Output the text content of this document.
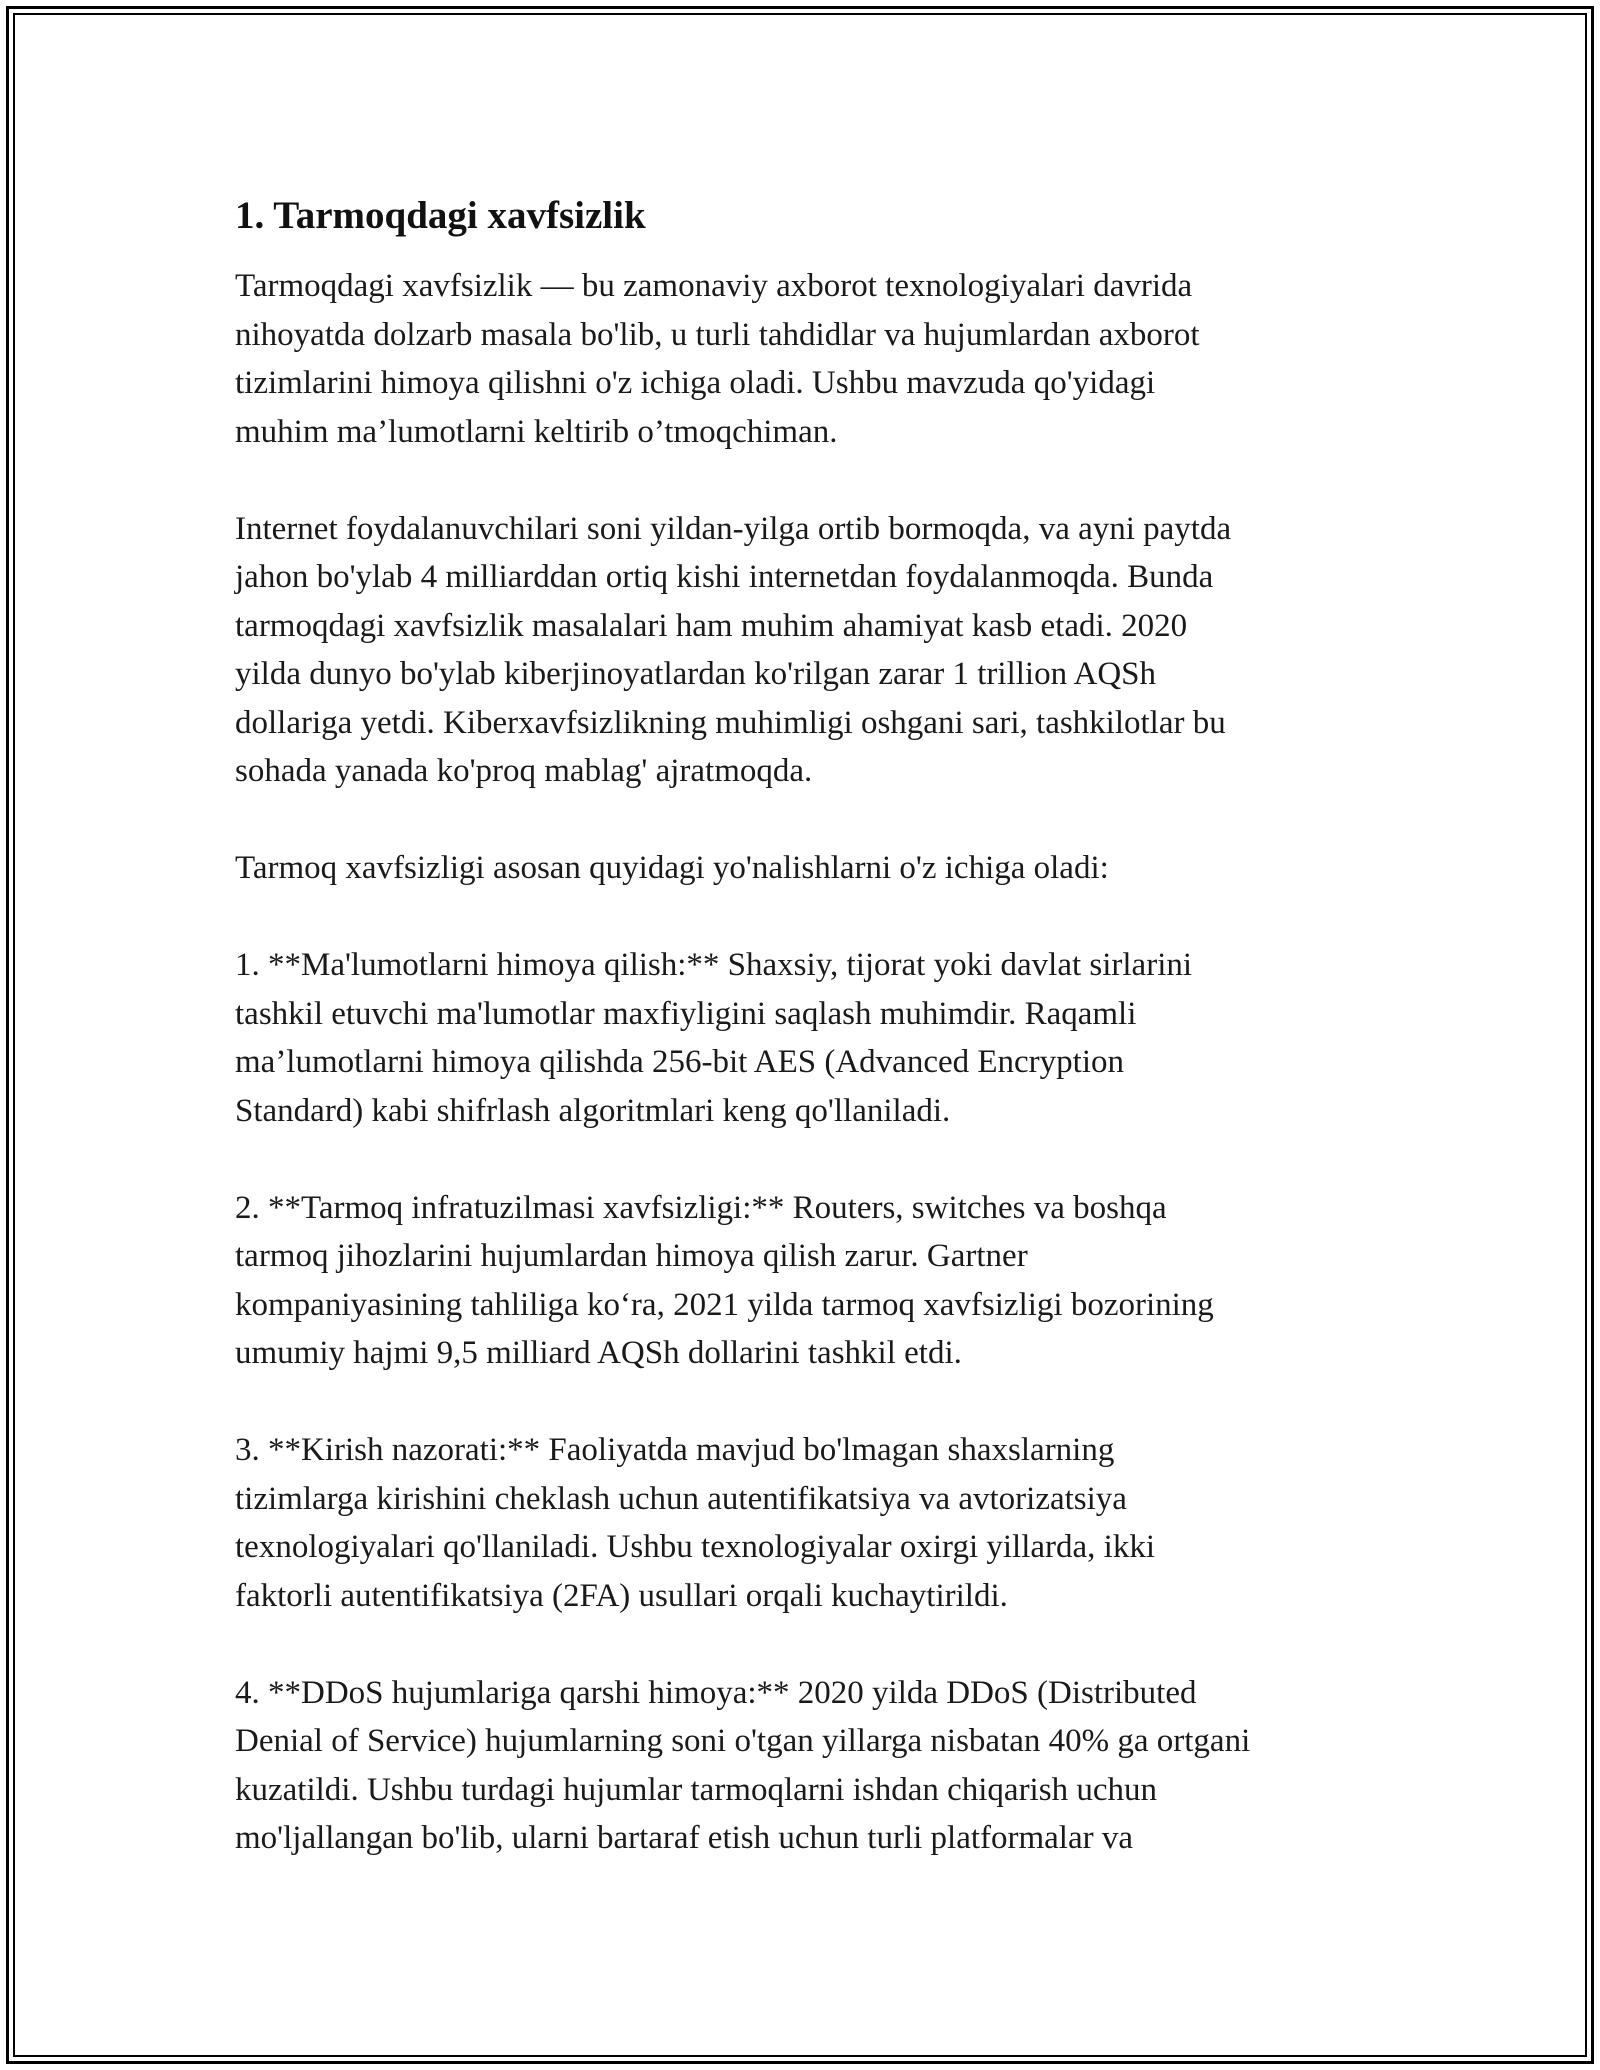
1. Tarmoqdagi xavfsizlik

Tarmoqdagi xavfsizlik — bu zamonaviy axborot texnologiyalari davrida
nihoyatda dolzarb masala bo'lib, u turli tahdidlar va hujumlardan axborot
tizimlarini himoya qilishni o'z ichiga oladi. Ushbu mavzuda qo'yidagi
muhim ma’lumotlarni keltirib o’tmoqchiman.

Internet foydalanuvchilari soni yildan-yilga ortib bormoqda, va ayni paytda
jahon bo'ylab 4 milliarddan ortiq kishi internetdan foydalanmoqda. Bunda
tarmoqdagi xavfsizlik masalalari ham muhim ahamiyat kasb etadi. 2020
yilda dunyo bo'ylab kiberjinoyatlardan ko'rilgan zarar 1 trillion AQSh
dollariga yetdi. Kiberxavfsizlikning muhimligi oshgani sari, tashkilotlar bu
sohada yanada ko'proq mablag' ajratmoqda.

Tarmoq xavfsizligi asosan quyidagi yo'nalishlarni o'z ichiga oladi:

1. **Ma'lumotlarni himoya qilish:** Shaxsiy, tijorat yoki davlat sirlarini
tashkil etuvchi ma'lumotlar maxfiyligini saqlash muhimdir. Raqamli
ma’lumotlarni himoya qilishda 256-bit AES (Advanced Encryption
Standard) kabi shifrlash algoritmlari keng qo'llaniladi.

2. **Tarmoq infratuzilmasi xavfsizligi:** Routers, switches va boshqa
tarmoq jihozlarini hujumlardan himoya qilish zarur. Gartner
kompaniyasining tahliliga ko‘ra, 2021 yilda tarmoq xavfsizligi bozorining
umumiy hajmi 9,5 milliard AQSh dollarini tashkil etdi.

3. **Kirish nazorati:** Faoliyatda mavjud bo'lmagan shaxslarning
tizimlarga kirishini cheklash uchun autentifikatsiya va avtorizatsiya
texnologiyalari qo'llaniladi. Ushbu texnologiyalar oxirgi yillarda, ikki
faktorli autentifikatsiya (2FA) usullari orqali kuchaytirildi.

4. **DDoS hujumlariga qarshi himoya:** 2020 yilda DDoS (Distributed
Denial of Service) hujumlarning soni o'tgan yillarga nisbatan 40% ga ortgani
kuzatildi. Ushbu turdagi hujumlar tarmoqlarni ishdan chiqarish uchun
mo'ljallangan bo'lib, ularni bartaraf etish uchun turli platformalar va
